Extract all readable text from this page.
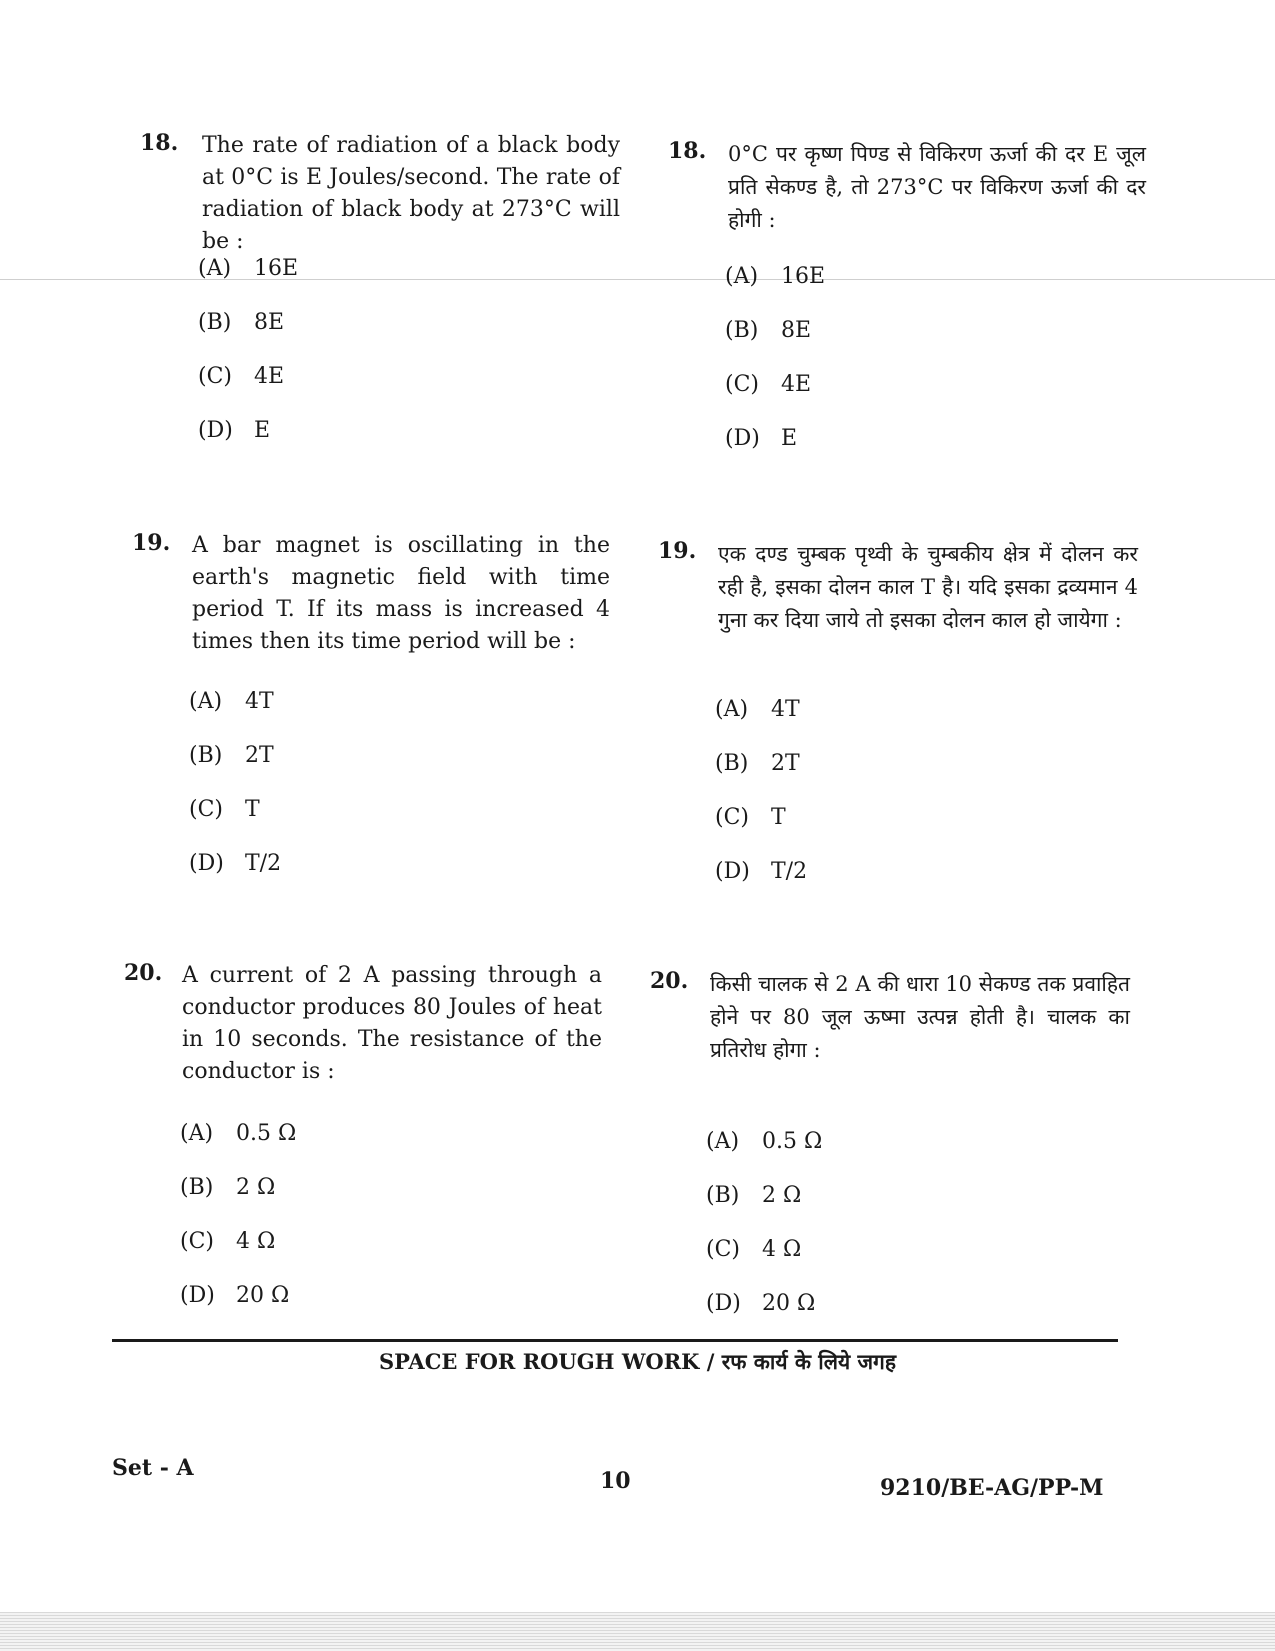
18. The rate of radiation of a black body at 0°C is E Joules/second. The rate of radiation of black body at 273°C will be :
(A) 16E
(B) 8E
(C) 4E
(D) E
18. 0°C पर कृष्ण पिण्ड से विकिरण ऊर्जा की दर E जूल प्रति सेकण्ड है, तो 273°C पर विकिरण ऊर्जा की दर होगी :
(A) 16E
(B) 8E
(C) 4E
(D) E
19. A bar magnet is oscillating in the earth's magnetic field with time period T. If its mass is increased 4 times then its time period will be :
(A) 4T
(B) 2T
(C) T
(D) T/2
19. एक दण्ड चुम्बक पृथ्वी के चुम्बकीय क्षेत्र में दोलन कर रही है, इसका दोलन काल T है। यदि इसका द्रव्यमान 4 गुना कर दिया जाये तो इसका दोलन काल हो जायेगा :
(A) 4T
(B) 2T
(C) T
(D) T/2
20. A current of 2 A passing through a conductor produces 80 Joules of heat in 10 seconds. The resistance of the conductor is :
(A) 0.5 Ω
(B) 2 Ω
(C) 4 Ω
(D) 20 Ω
20. किसी चालक से 2 A की धारा 10 सेकण्ड तक प्रवाहित होने पर 80 जूल ऊष्मा उत्पन्न होती है। चालक का प्रतिरोध होगा :
(A) 0.5 Ω
(B) 2 Ω
(C) 4 Ω
(D) 20 Ω
SPACE FOR ROUGH WORK / रफ कार्य के लिये जगह
Set - A	10	9210/BE-AG/PP-M
